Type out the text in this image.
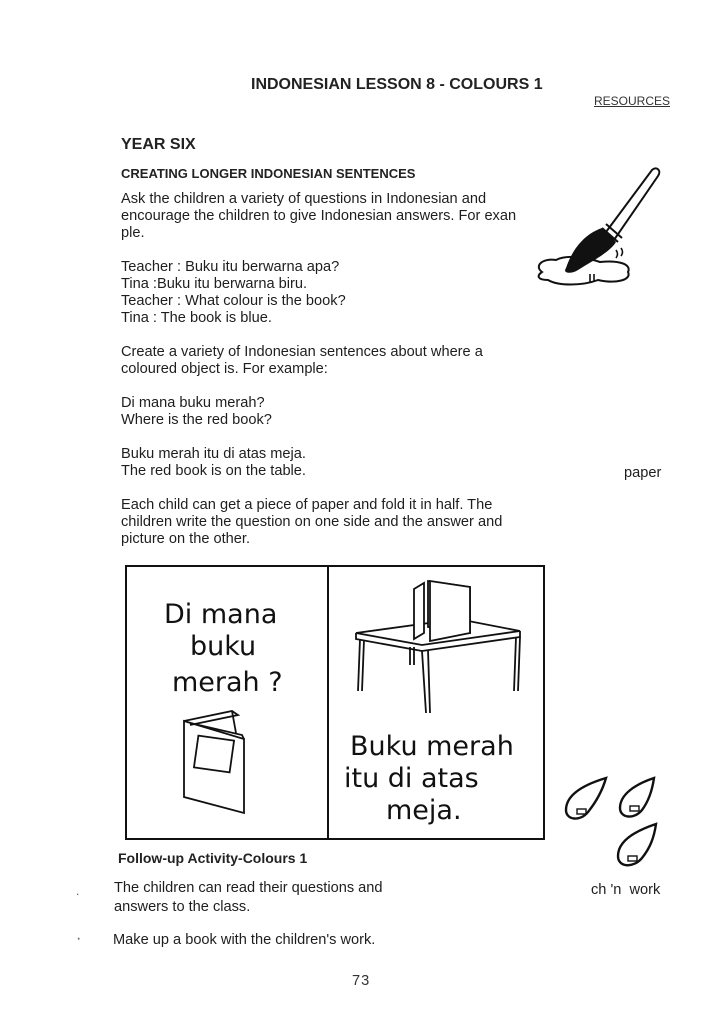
INDONESIAN LESSON 8 - COLOURS 1
RESOURCES
YEAR SIX
CREATING LONGER INDONESIAN SENTENCES
Ask the children a variety of questions in Indonesian and
encourage the children to give Indonesian answers. For exan
ple.
Teacher : Buku itu berwarna apa?
Tina :Buku itu berwarna biru.
Teacher : What colour is the book?
Tina : The book is blue.
Create a variety of Indonesian sentences about where a
coloured object is. For example:
Di mana buku merah?
Where is the red book?
Buku merah itu di atas meja.
The red book is on the table.	paper
Each child can get a piece of paper and fold it in half. The
children write the question on one side and the answer and
picture on the other.
Di mana
buku
merah ?
Buku merah
itu di atas
meja.
ch 'n  work
Follow-up Activity-Colours 1
. The children can read their questions and
answers to the class.
· Make up a book with the children's work.
73
